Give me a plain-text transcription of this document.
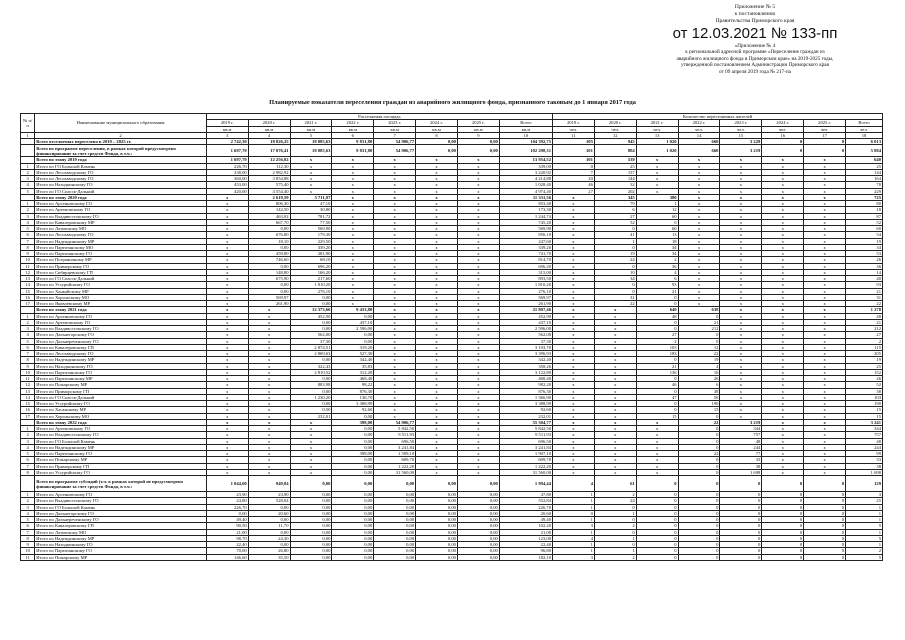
Приложение № 5
к постановлению
Правительства Приморского края
от 12.03.2021 № 133-пп
«Приложение № 4
к региональной адресной программе «Переселение граждан из
аварийного жилищного фонда в Приморском крае» на 2019-2025 годы,
утвержденной постановлением Администрации Приморского края
от 09 апреля 2019 года № 217-па
Планируемые показатели переселения граждан из аварийного жилищного фонда, признанного таковым до 1 января 2017 года
№ п/п	Наименование муниципального образования	Расселяемая площадь								Количество переселяемых жителей							
		2019 г.	2020 г.	2021 г.	2022 г.	2023 г.	2024 г.	2025 г.	Всего	2019 г.	2020 г.	2021 г.	2022 г.	2023 г.	2024 г.	2025 г.	Всего
		кв.м	кв.м	кв.м	кв.м	кв.м	кв.м	кв.м	кв.м	чел.	чел.	чел.	чел.	чел.	чел.	чел.	чел.
1	2	3	4	5	6	7	8	9	10	11	12	13	14	15	16	17	18
	Всего отселяемых переселено в 2019 – 2025 гг.	2 742,30	18 826,25	18 085,63	9 831,80	54 906,77	0,00	0,00	104 392,75	105	945	1 020	660	3 229	0	0	6 013
	Всего по программе переселения, в рамках которой предусмотрено финансирование за счет средств Фонда, в т.ч.:	1 697,70	17 076,41	18 085,63	9 831,80	54 906,77	0,00	0,00	102 298,31	101	884	1 020	660	3 219	0	0	5 884
	Всего по этапу 2019 года	1 697,70	12 256,82	x	x	x	x	x	13 954,52	101	539	x	x	x	x	x	640
1	Итого по ГО Большой Камень	226,70	112,30	x	x	x	x	x	339,00	0	25	x	x	x	x	x	25
2	Итого по Лесозаводскому ГО	238,00	2 982,92	x	x	x	x	x	3 220,92	7	137	x	x	x	x	x	144
3	Итого по Лесозаводскому ГО	360,00	3 854,88	x	x	x	x	x	4 214,88	20	144	x	x	x	x	x	164
4	Итого по Находкинскому ГО	453,00	575,40	x	x	x	x	x	1 028,40	46	32	x	x	x	x	x	78
5	Итого по ГО Спасск-Дальний	420,00	4 554,40	x	x	x	x	x	4 974,40	27	202	x	x	x	x	x	229
	Всего по этапу 2020 года	x	2 619,59	5 711,97	x	x	x	x	11 331,56	x	345	380	x	x	x	x	725
1	Итого по Арсеньевскому ГО	x	806,30	47,10	x	x	x	x	853,40	x	79	1	x	x	x	x	80
2	Итого по Артемовскому ГО	x	142,50	30,80	x	x	x	x	173,30	x	6	12	x	x	x	x	18
3	Итого по Владивостокскому ГО	x	463,02	781,72	x	x	x	x	1 244,74	x	27	60	x	x	x	x	87
4	Итого по Кавалеровскому МР	x	667,70	77,50	x	x	x	x	745,20	x	52	0	x	x	x	x	52
5	Итого по Лазовскому МО	x	0,00	569,90	x	x	x	x	569,90	x	0	60	x	x	x	x	60
6	Итого по Лесозаводскому ГО	x	676,80	179,30	x	x	x	x	856,10	x	41	13	x	x	x	x	54
7	Итого по Надеждинскому МР	x	18,10	229,50	x	x	x	x	247,60	x	1	18	x	x	x	x	19
8	Итого по Партизанскому МО	x	0,00	339,20	x	x	x	x	339,20	x	0	34	x	x	x	x	34
9	Итого по Партизанскому ГО	x	459,80	281,90	x	x	x	x	741,70	x	19	34	x	x	x	x	53
10	Итого по Пограничному МР	x	746,60	68,10	x	x	x	x	814,70	x	24	2	x	x	x	x	26
11	Итого по Приморскому ГО	x	0,00	696,20	x	x	x	x	696,20	x	0	36	x	x	x	x	36
12	Итого по Сибирцевскому ГП	x	148,80	166,20	x	x	x	x	315,00	x	10	4	x	x	x	x	14
13	Итого по ГО Спасск-Дальний	x	675,90	217,60	x	x	x	x	893,50	x	34	6	x	x	x	x	40
14	Итого по Уссурийскому ГО	x	0,00	1 810,20	x	x	x	x	1 810,20	x	0	93	x	x	x	x	93
15	Итого по Ханкайскому МР	x	0,00	276,10	x	x	x	x	276,10	x	0	21	x	x	x	x	21
16	Итого по Хорольскому МО	x	569,97	0,00	x	x	x	x	569,97	x	31	0	x	x	x	x	31
17	Итого по Яковлевскому МР	x	261,90	0,00	x	x	x	x	261,90	x	22	0	x	x	x	x	22
	Всего по этапу 2021 года	x	x	12 373,66	9 433,80	x	x	x	21 807,46	x	x	640	638	x	x	x	1 278
1	Итого по Арсеньевскому ГО	x	x	452,90	0,00	x	x	x	452,90	x	x	48	0	x	x	x	48
2	Итого по Артемовскому ГО	x	x	0,00	437,10	x	x	x	437,10	x	x	0	21	x	x	x	21
3	Итого по Владивостокскому ГО	x	x	0,00	2 596,00	x	x	x	2 596,00	x	x	0	212	x	x	x	212
4	Итого по Дальнегорскому ГО	x	x	562,00	0,00	x	x	x	562,00	x	x	27	0	x	x	x	27
5	Итого по Дальнереченскому ГО	x	x	37,30	0,00	x	x	x	37,30	x	x	2	0	x	x	x	2
6	Итого по Кавалеровскому ГП	x	x	2 874,51	319,20	x	x	x	3 193,70	x	x	103	12	x	x	x	115
7	Итого по Лесозаводскому ГО	x	x	2 869,63	527,30	x	x	x	3 396,93	x	x	183	22	x	x	x	205
8	Итого по Надеждинскому МР	x	x	0,00	342,40	x	x	x	342,40	x	x	0	19	x	x	x	19
9	Итого по Находкинскому ГО	x	x	322,43	35,83	x	x	x	358,26	x	x	21	4	x	x	x	25
10	Итого по Партизанскому ГО	x	x	2 810,52	312,28	x	x	x	3 122,80	x	x	136	16	x	x	x	152
11	Итого по Партизанскому МР	x	x	0,00	468,40	x	x	x	468,40	x	x	0	26	x	x	x	26
12	Итого по Пожарскому МР	x	x	883,98	98,22	x	x	x	982,20	x	x	46	6	x	x	x	52
13	Итого по Приморскому ГП	x	x	0,00	876,30	x	x	x	876,30	x	x	0	38	x	x	x	38
14	Итого по ГО Спасск-Дальний	x	x	1 230,20	136,70	x	x	x	1 366,90	x	x	47	56	x	x	x	103
15	Итого по Уссурийскому ГО	x	x	0,00	3 388,99	x	x	x	3 388,99	x	x	0	190	x	x	x	190
16	Итого по Хасанскому МР	x	x	0,50	92,60	x	x	x	92,60	x	x	0	15	x	x	x	15
17	Итого по Хорольскому МО	x	x	232,01	0,00	x	x	x	232,01	x	x	15	0	x	x	x	15
	Всего по этапу 2022 года	x	x	x	398,00	54 906,77	x	x	55 304,77	x	x	x	22	3 219	x	x	3 241
1	Итого по Артемовскому ГО	x	x	x	0,00	5 842,50	x	x	5 842,50	x	x	x	0	344	x	x	344
2	Итого по Владивостокскому ГО	x	x	x	0,00	9 511,93	x	x	9 511,93	x	x	x	0	757	x	x	757
3	Итого по ГО Большой Камень	x	x	x	0,00	696,50	x	x	696,50	x	x	x	0	48	x	x	48
4	Итого по Надеждинскому МР	x	x	x	0,00	3 241,84	x	x	3 241,84	x	x	x	0	244	x	x	244
5	Итого по Партизанскому ГО	x	x	x	398,00	1 509,10	x	x	1 907,10	x	x	x	22	77	x	x	99
6	Итого по Пожарскому МР	x	x	x	0,00	609,70	x	x	609,70	x	x	x	0	33	x	x	33
7	Итого по Приморскому ГП	x	x	x	0,00	1 222,20	x	x	1 222,20	x	x	x	0	38	x	x	38
8	Итого по Уссурийскому ГО	x	x	x	0,00	31 560,08	x	x	31 560,08	x	x	x	0	1 698	x	x	1 698
	Всего по программе субсидий (т.ч. в рамках которой не предусмотрено финансирование за счет средств Фонда, в т.ч.:	1 044,60	949,84	0,00	0,00	0,00	0,00	0,00	1 994,44	4	61	0	0	0	0	0	129
1	Итого по Арсеньевскому ГО	23,90	23,90	0,00	0,00	0,00	0,00	0,00	47,80	1	2	0	0	0	0	0	3
2	Итого по Владивостокскому ГО	24,80	528,04	0,00	0,00	0,00	0,00	0,00	552,84	1	24	0	0	0	0	0	25
3	Итого по ГО Большой Камень	226,70	0,00	0,00	0,00	0,00	0,00	0,00	226,70	1	0	0	0	0	0	0	1
4	Итого по Дальнегорскому ГО	0,00	20,60	0,00	0,00	0,00	0,00	0,00	20,60	0	1	0	0	0	0	0	1
5	Итого по Дальнереченскому ГО	49,40	0,00	0,00	0,00	0,00	0,00	0,00	49,40	1	0	0	0	0	0	0	1
6	Итого по Кавалеровскому ГП	90,50	11,70	0,00	0,00	0,00	0,00	0,00	102,20	3	2	0	0	0	0	0	5
7	Итого по Лазовскому МО	21,00	0,00	0,00	0,00	0,00	0,00	0,00	21,00	1	0	0	0	0	0	0	1
8	Итого по Надеждинскому МР	98,70	24,30	0,00	0,00	0,00	0,00	0,00	123,00	4	1	0	0	0	0	0	5
9	Итого по Находкинскому ГО	22,40	0,00	0,00	0,00	0,00	0,00	0,00	22,40	1	0	0	0	0	0	0	1
10	Итого по Партизанскому ГО	70,00	26,80	0,00	0,00	0,00	0,00	0,00	96,80	1	1	0	0	0	0	0	2
11	Итого по Пожарскому МР	146,60	35,50	0,00	0,00	0,00	0,00	0,00	182,10	3	2	0	0	0	0	0	5
